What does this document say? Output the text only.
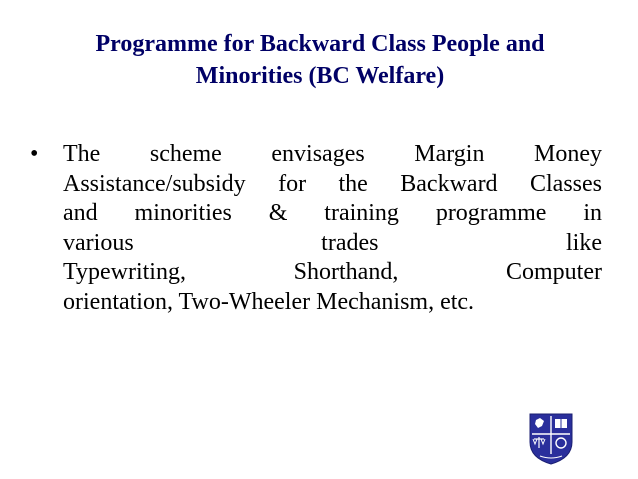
Programme for Backward Class People and
Minorities (BC Welfare)
•	The scheme envisages Margin Money
Assistance/subsidy for the Backward Classes
and minorities & training programme in
various trades like
Typewriting, Shorthand, Computer
orientation, Two-Wheeler Mechanism, etc.
